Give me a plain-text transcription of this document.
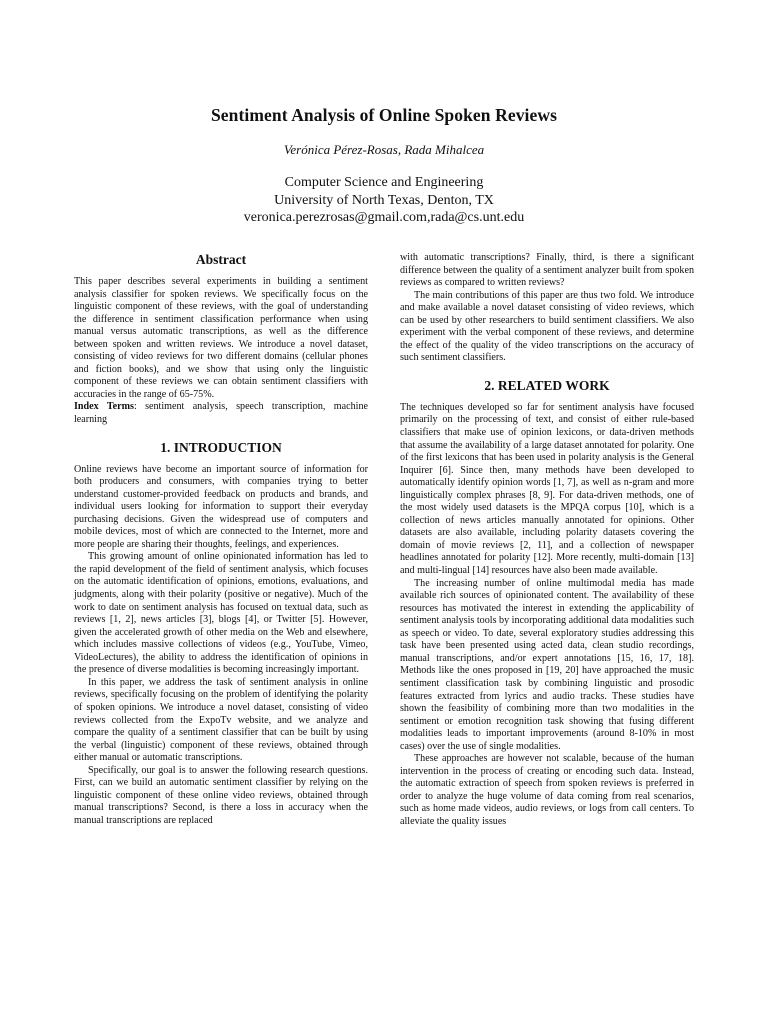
Sentiment Analysis of Online Spoken Reviews
Verónica Pérez-Rosas, Rada Mihalcea
Computer Science and Engineering
University of North Texas, Denton, TX
veronica.perezrosas@gmail.com,rada@cs.unt.edu
Abstract

This paper describes several experiments in building a sentiment analysis classifier for spoken reviews. We specifically focus on the linguistic component of these reviews, with the goal of understanding the difference in sentiment classification performance when using manual versus automatic transcriptions, as well as the difference between spoken and written reviews. We introduce a novel dataset, consisting of video reviews for two different domains (cellular phones and fiction books), and we show that using only the linguistic component of these reviews we can obtain sentiment classifiers with accuracies in the range of 65-75%.

Index Terms: sentiment analysis, speech transcription, machine learning

1. INTRODUCTION

Online reviews have become an important source of information for both producers and consumers, with companies trying to better understand customer-provided feedback on products and brands, and individual users looking for information to support their everyday purchasing decisions. Given the widespread use of computers and mobile devices, most of which are connected to the Internet, more and more people are sharing their thoughts, feelings, and experiences.

This growing amount of online opinionated information has led to the rapid development of the field of sentiment analysis, which focuses on the automatic identification of opinions, emotions, evaluations, and judgments, along with their polarity (positive or negative). Much of the work to date on sentiment analysis has focused on textual data, such as reviews [1, 2], news articles [3], blogs [4], or Twitter [5]. However, given the accelerated growth of other media on the Web and elsewhere, which includes massive collections of videos (e.g., YouTube, Vimeo, VideoLectures), the ability to address the identification of opinions in the presence of diverse modalities is becoming increasingly important.

In this paper, we address the task of sentiment analysis in online reviews, specifically focusing on the problem of identifying the polarity of spoken opinions. We introduce a novel dataset, consisting of video reviews collected from the ExpoTv website, and we analyze and compare the quality of a sentiment classifier that can be built by using the verbal (linguistic) component of these reviews, obtained through either manual or automatic transcriptions.

Specifically, our goal is to answer the following research questions. First, can we build an automatic sentiment classifier by relying on the linguistic component of these online video reviews, obtained through manual transcriptions? Second, is there a loss in accuracy when the manual transcriptions are replaced

with automatic transcriptions? Finally, third, is there a significant difference between the quality of a sentiment analyzer built from spoken reviews as compared to written reviews?

The main contributions of this paper are thus two fold. We introduce and make available a novel dataset consisting of video reviews, which can be used by other researchers to build sentiment classifiers. We also experiment with the verbal component of these reviews, and determine the effect of the quality of the video transcriptions on the accuracy of such sentiment classifiers.

2. RELATED WORK

The techniques developed so far for sentiment analysis have focused primarily on the processing of text, and consist of either rule-based classifiers that make use of opinion lexicons, or data-driven methods that assume the availability of a large dataset annotated for polarity. One of the first lexicons that has been used in polarity analysis is the General Inquirer [6]. Since then, many methods have been developed to automatically identify opinion words [1, 7], as well as n-gram and more linguistically complex phrases [8, 9]. For data-driven methods, one of the most widely used datasets is the MPQA corpus [10], which is a collection of news articles manually annotated for opinions. Other datasets are also available, including polarity datasets covering the domain of movie reviews [2, 11], and a collection of newspaper headlines annotated for polarity [12]. More recently, multi-domain [13] and multi-lingual [14] resources have also been made available.

The increasing number of online multimodal media has made available rich sources of opinionated content. The availability of these resources has motivated the interest in extending the applicability of sentiment analysis tools by incorporating additional data modalities such as speech or video. To date, several exploratory studies addressing this task have been presented using acted data, clean studio recordings, manual transcriptions, and/or expert annotations [15, 16, 17, 18]. Methods like the ones proposed in [19, 20] have approached the music sentiment classification task by combining linguistic and prosodic features extracted from lyrics and audio tracks. These studies have shown the feasibility of combining more than two modalities in the sentiment or emotion recognition task showing that fusing different modalities leads to important improvements (around 8-10% in most cases) over the use of single modalities.

These approaches are however not scalable, because of the human intervention in the process of creating or encoding such data. Instead, the automatic extraction of speech from spoken reviews is preferred in order to analyze the huge volume of data coming from real scenarios, such as home made videos, audio reviews, or logs from call centers. To alleviate the quality issues
